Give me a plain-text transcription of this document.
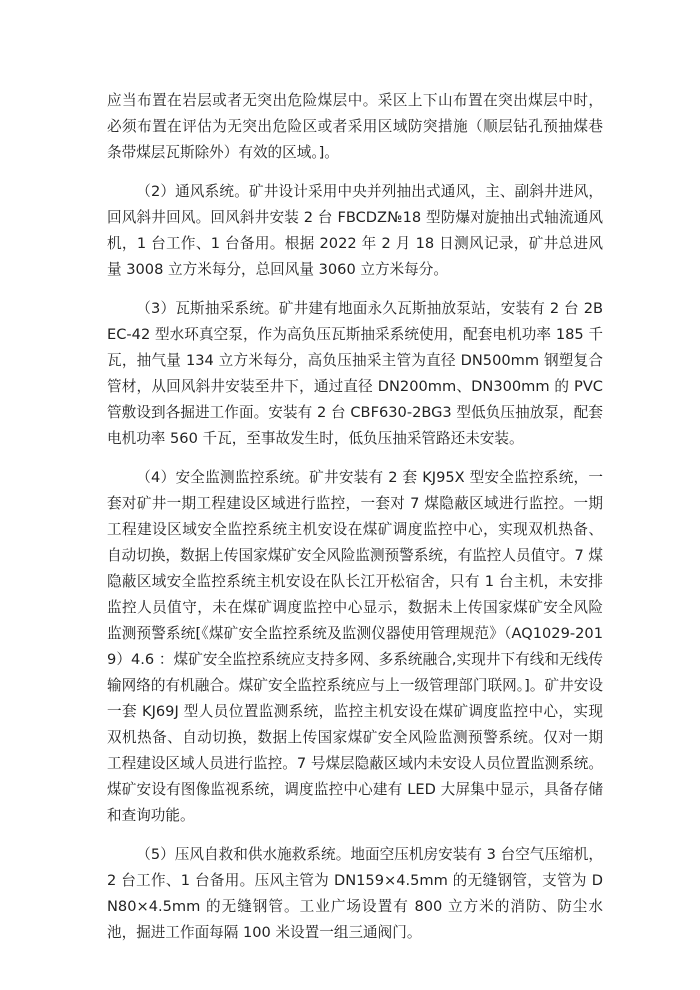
应当布置在岩层或者无突出危险煤层中。采区上下山布置在突出煤层中时，必须布置在评估为无突出危险区或者采用区域防突措施（顺层钻孔预抽煤巷条带煤层瓦斯除外）有效的区域。]。

（2）通风系统。矿井设计采用中央并列抽出式通风，主、副斜井进风，回风斜井回风。回风斜井安装 2 台 FBCDZ№18 型防爆对旋抽出式轴流通风机，1 台工作、1 台备用。根据 2022 年 2 月 18 日测风记录，矿井总进风量 3008 立方米每分，总回风量 3060 立方米每分。

（3）瓦斯抽采系统。矿井建有地面永久瓦斯抽放泵站，安装有 2 台 2BEC-42 型水环真空泵，作为高负压瓦斯抽采系统使用，配套电机功率 185 千瓦，抽气量 134 立方米每分，高负压抽采主管为直径 DN500mm 钢塑复合管材，从回风斜井安装至井下，通过直径 DN200mm、DN300mm 的 PVC 管敷设到各掘进工作面。安装有 2 台 CBF630-2BG3 型低负压抽放泵，配套电机功率 560 千瓦，至事故发生时，低负压抽采管路还未安装。

（4）安全监测监控系统。矿井安装有 2 套 KJ95X 型安全监控系统，一套对矿井一期工程建设区域进行监控，一套对 7 煤隐蔽区域进行监控。一期工程建设区域安全监控系统主机安设在煤矿调度监控中心，实现双机热备、自动切换，数据上传国家煤矿安全风险监测预警系统，有监控人员值守。7 煤隐蔽区域安全监控系统主机安设在队长江开松宿舍，只有 1 台主机，未安排监控人员值守，未在煤矿调度监控中心显示，数据未上传国家煤矿安全风险监测预警系统[《煤矿安全监控系统及监测仪器使用管理规范》（AQ1029-2019）4.6 ：煤矿安全监控系统应支持多网、多系统融合,实现井下有线和无线传输网络的有机融合。煤矿安全监控系统应与上一级管理部门联网。]。矿井安设一套 KJ69J 型人员位置监测系统，监控主机安设在煤矿调度监控中心，实现双机热备、自动切换，数据上传国家煤矿安全风险监测预警系统。仅对一期工程建设区域人员进行监控。7 号煤层隐蔽区域内未安设人员位置监测系统。煤矿安设有图像监视系统，调度监控中心建有 LED 大屏集中显示，具备存储和查询功能。

（5）压风自救和供水施救系统。地面空压机房安装有 3 台空气压缩机，2 台工作、1 台备用。压风主管为 DN159×4.5mm 的无缝钢管，支管为 DN80×4.5mm 的无缝钢管。工业广场设置有 800 立方米的消防、防尘水池，掘进工作面每隔 100 米设置一组三通阀门。
